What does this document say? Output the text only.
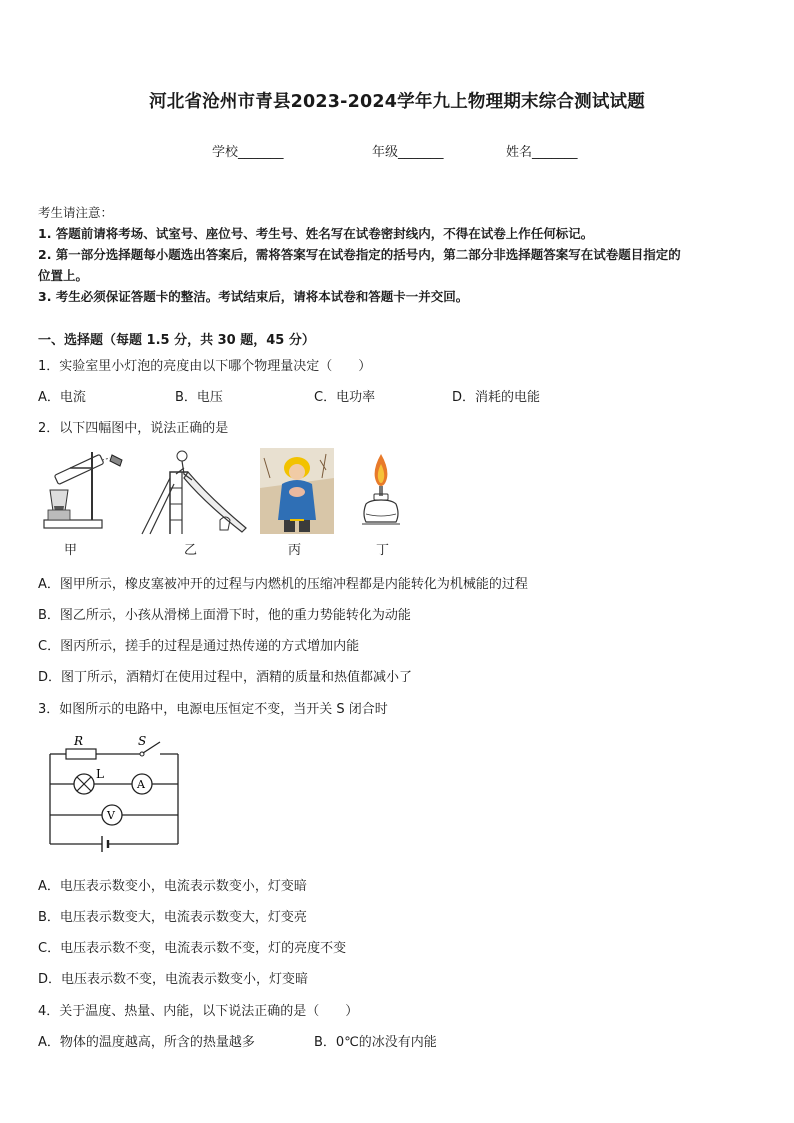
河北省沧州市青县2023-2024学年九上物理期末综合测试试题
学校_______	年级_______	姓名_______
考生请注意：
1. 答题前请将考场、试室号、座位号、考生号、姓名写在试卷密封线内，不得在试卷上作任何标记。
2. 第一部分选择题每小题选出答案后，需将答案写在试卷指定的括号内，第二部分非选择题答案写在试卷题目指定的
位置上。
3. 考生必须保证答题卡的整洁。考试结束后，请将本试卷和答题卡一并交回。
一、选择题（每题 1.5 分，共 30 题，45 分）
1．实验室里小灯泡的亮度由以下哪个物理量决定（　　）
A．电流	B．电压	C．电功率	D．消耗的电能
2．以下四幅图中，说法正确的是
甲	乙	丙	丁
A．图甲所示，橡皮塞被冲开的过程与内燃机的压缩冲程都是内能转化为机械能的过程
B．图乙所示，小孩从滑梯上面滑下时，他的重力势能转化为动能
C．图丙所示，搓手的过程是通过热传递的方式增加内能
D．图丁所示，酒精灯在使用过程中，酒精的质量和热值都减小了
3．如图所示的电路中，电源电压恒定不变，当开关 S 闭合时
R	S
L
A
V
A．电压表示数变小，电流表示数变小，灯变暗
B．电压表示数变大，电流表示数变大，灯变亮
C．电压表示数不变，电流表示数不变，灯的亮度不变
D．电压表示数不变，电流表示数变小，灯变暗
4．关于温度、热量、内能，以下说法正确的是（　　）
A．物体的温度越高，所含的热量越多	B．0℃的冰没有内能
